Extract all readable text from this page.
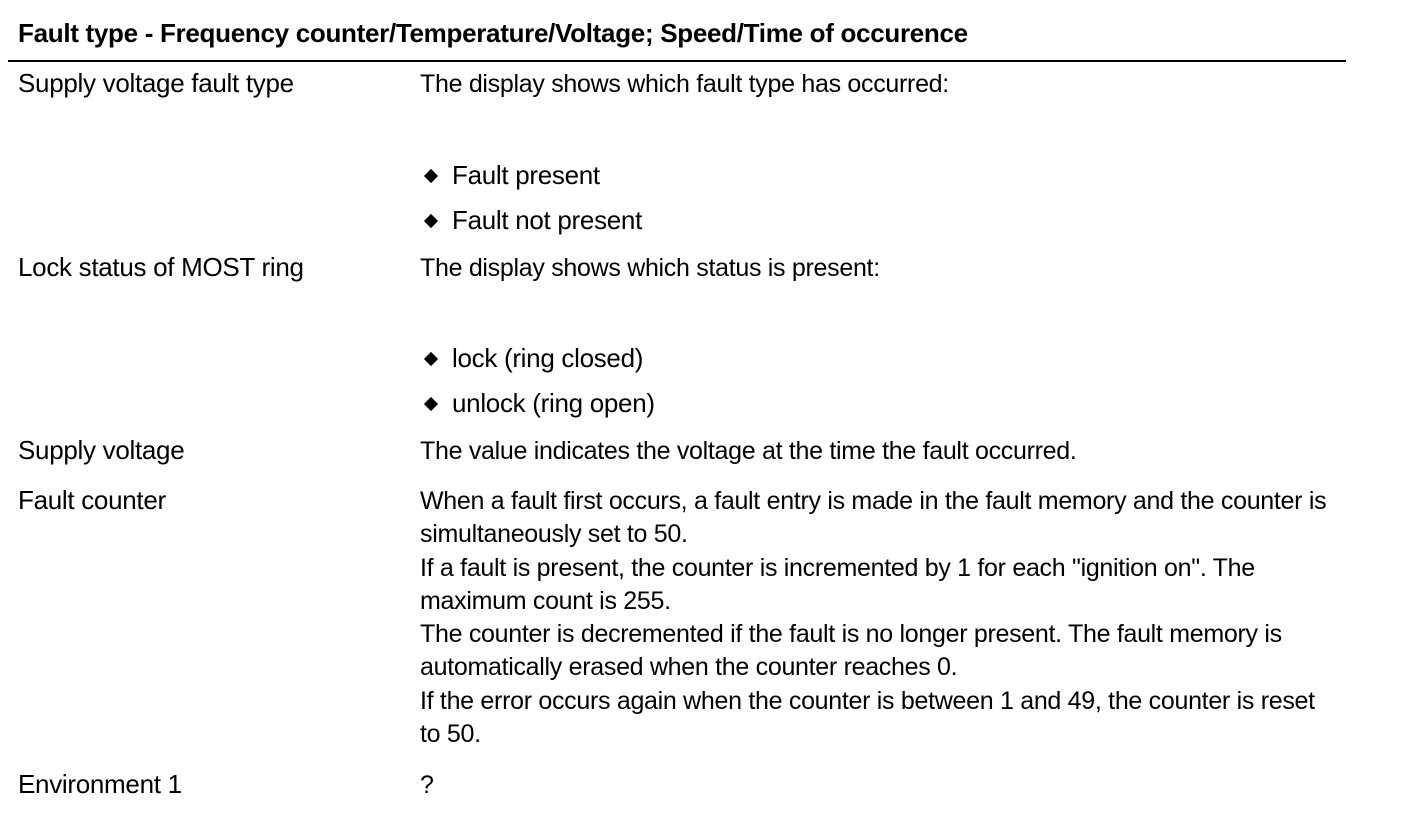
Fault type - Frequency counter/Temperature/Voltage; Speed/Time of occurence
Supply voltage fault type	The display shows which fault type has occurred:
Fault present
Fault not present
Lock status of MOST ring	The display shows which status is present:
lock (ring closed)
unlock (ring open)
Supply voltage	The value indicates the voltage at the time the fault occurred.
Fault counter	When a fault first occurs, a fault entry is made in the fault memory and the counter is simultaneously set to 50.

If a fault is present, the counter is incremented by 1 for each "ignition on". The maximum count is 255.

The counter is decremented if the fault is no longer present. The fault memory is automatically erased when the counter reaches 0.

If the error occurs again when the counter is between 1 and 49, the counter is reset to 50.

Environment 1	?
